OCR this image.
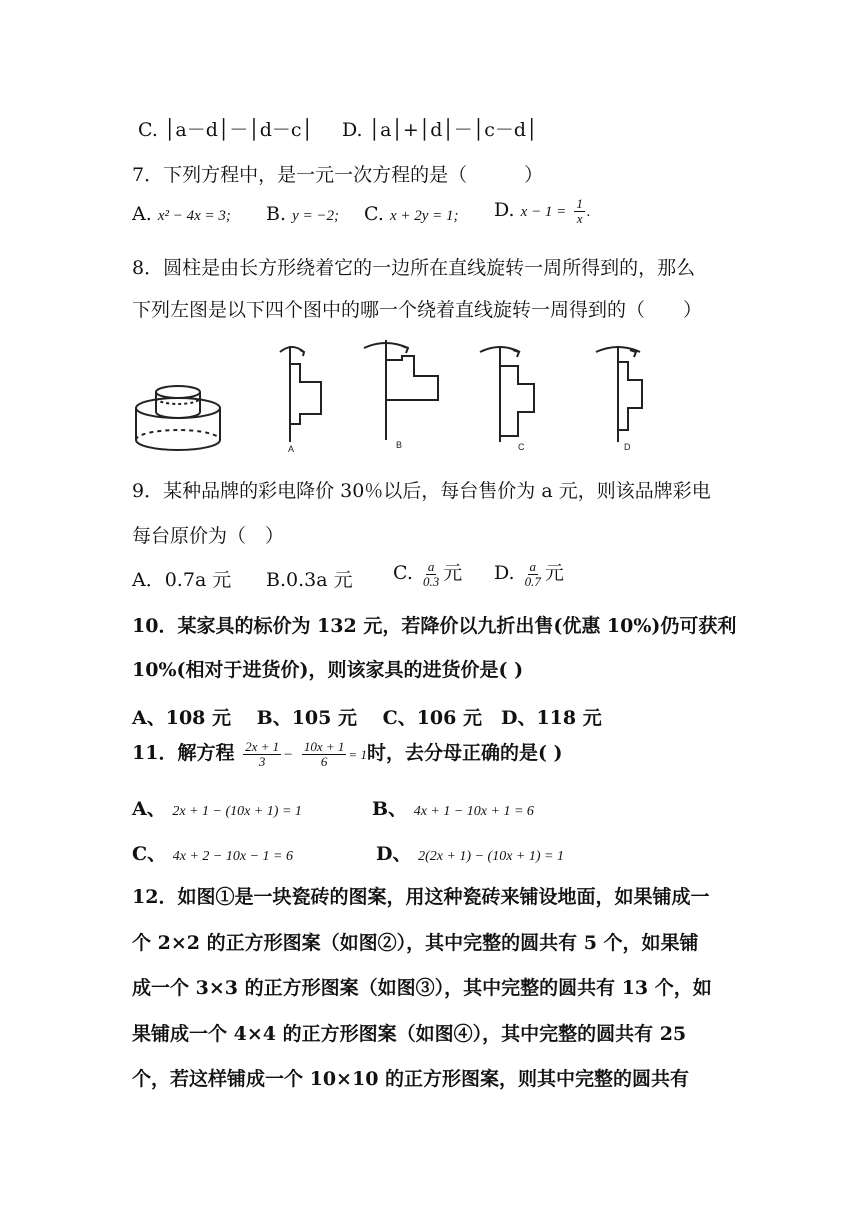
C. │a－d│－│d－c│ D. │a│+│d│－│c－d│
7．下列方程中，是一元一次方程的是（　　　）
A. x² − 4x = 3; B. y = −2; C. x + 2y = 1; D. $x - 1 = \frac{1}{x}$ .
8．圆柱是由长方形绕着它的一边所在直线旋转一周所得到的，那么
下列左图是以下四个图中的哪一个绕着直线旋转一周得到的（　　）
A	B	C	D
9．某种品牌的彩电降价 30％以后，每台售价为 a 元，则该品牌彩电
每台原价为（　）
A．0.7a 元 B.0.3a 元 C. $\frac{a}{0.3}$ 元 D. $\frac{a}{0.7}$ 元
10．某家具的标价为 132 元，若降价以九折出售(优惠 10%)仍可获利
10%(相对于进货价)，则该家具的进货价是( )
A、108 元　 B、105 元　 C、106 元　D、118 元
11．解方程 $\frac{2x + 1}{3} - \frac{10x + 1}{6} = 1$时，去分母正确的是( )
A、 2x + 1 − (10x + 1) = 1	B、 4x + 1 − 10x + 1 = 6
C、 4x + 2 − 10x − 1 = 6	D、 2(2x + 1) − (10x + 1) = 1
12．如图①是一块瓷砖的图案，用这种瓷砖来铺设地面，如果铺成一
个 2×2 的正方形图案（如图②），其中完整的圆共有 5 个，如果铺
成一个 3×3 的正方形图案（如图③），其中完整的圆共有 13 个，如
果铺成一个 4×4 的正方形图案（如图④），其中完整的圆共有 25
个，若这样铺成一个 10×10 的正方形图案，则其中完整的圆共有
